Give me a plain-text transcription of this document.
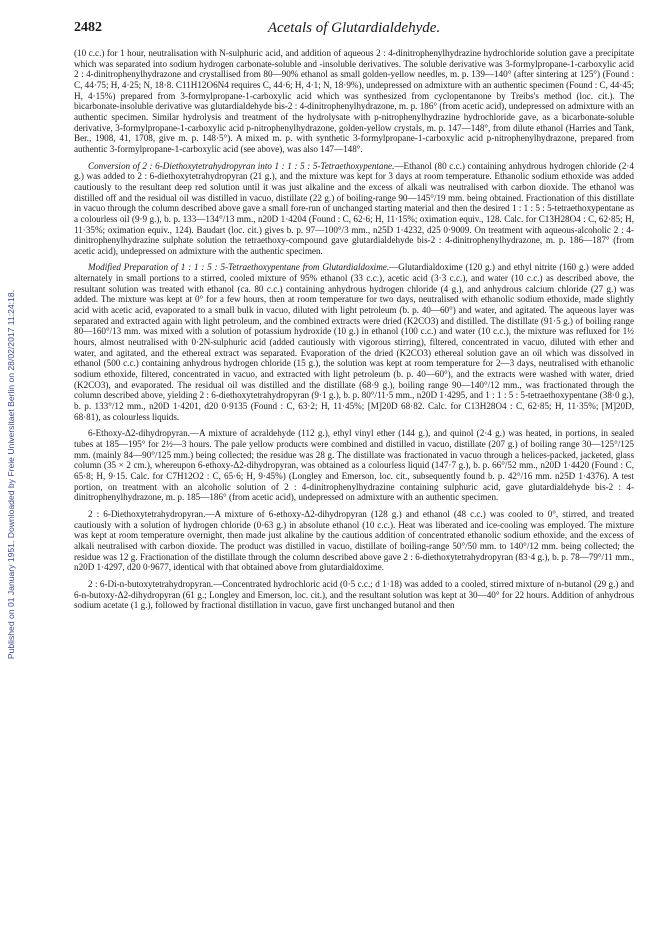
Published on 01 January 1951. Downloaded by Freie Universitaet Berlin on 28/02/2017 11:24:18.
2482	Acetals of Glutardialdehyde.

(10 c.c.) for 1 hour, neutralisation with N-sulphuric acid, and addition of aqueous 2 : 4-dinitrophenylhydrazine hydrochloride solution gave a precipitate which was separated into sodium hydrogen carbonate-soluble and -insoluble derivatives. The soluble derivative was 3-formylpropane-1-carboxylic acid 2 : 4-dinitrophenylhydrazone and crystallised from 80—90% ethanol as small golden-yellow needles, m. p. 139—140° (after sintering at 125°) (Found : C, 44·75; H, 4·25; N, 18·8. C11H12O6N4 requires C, 44·6; H, 4·1; N, 18·9%), undepressed on admixture with an authentic specimen (Found : C, 44·45; H, 4·15%) prepared from 3-formylpropane-1-carboxylic acid which was synthesized from cyclopentanone by Treibs's method (loc. cit.). The bicarbonate-insoluble derivative was glutardialdehyde bis-2 : 4-dinitrophenylhydrazone, m. p. 186° (from acetic acid), undepressed on admixture with an authentic specimen. Similar hydrolysis and treatment of the hydrolysate with p-nitrophenylhydrazine hydrochloride gave, as a bicarbonate-soluble derivative, 3-formylpropane-1-carboxylic acid p-nitrophenylhydrazone, golden-yellow crystals, m. p. 147—148°, from dilute ethanol (Harries and Tank, Ber., 1908, 41, 1708, give m. p. 148·5°). A mixed m. p. with synthetic 3-formylpropane-1-carboxylic acid p-nitrophenylhydrazone, prepared from authentic 3-formylpropane-1-carboxylic acid (see above), was also 147—148°.

Conversion of 2 : 6-Diethoxytetrahydropyran into 1 : 1 : 5 : 5-Tetraethoxypentane.—Ethanol (80 c.c.) containing anhydrous hydrogen chloride (2·4 g.) was added to 2 : 6-diethoxytetrahydropyran (21 g.), and the mixture was kept for 3 days at room temperature. Ethanolic sodium ethoxide was added cautiously to the resultant deep red solution until it was just alkaline and the excess of alkali was neutralised with carbon dioxide. The ethanol was distilled off and the residual oil was distilled in vacuo, distillate (22 g.) of boiling-range 90—145°/19 mm. being obtained. Fractionation of this distillate in vacuo through the column described above gave a small fore-run of unchanged starting material and then the desired 1 : 1 : 5 : 5-tetraethoxypentane as a colourless oil (9·9 g.), b. p. 133—134°/13 mm., n20D 1·4204 (Found : C, 62·6; H, 11·15%; oximation equiv., 128. Calc. for C13H28O4 : C, 62·85; H, 11·35%; oximation equiv., 124). Baudart (loc. cit.) gives b. p. 97—100°/3 mm., n25D 1·4232, d25 0·9009. On treatment with aqueous-alcoholic 2 : 4-dinitrophenylhydrazine sulphate solution the tetraethoxy-compound gave glutardialdehyde bis-2 : 4-dinitrophenylhydrazone, m. p. 186—187° (from acetic acid), undepressed on admixture with the authentic specimen.

Modified Preparation of 1 : 1 : 5 : 5-Tetraethoxypentane from Glutardialdoxime.—Glutardialdoxime (120 g.) and ethyl nitrite (160 g.) were added alternately in small portions to a stirred, cooled mixture of 95% ethanol (33 c.c.), acetic acid (3·3 c.c.), and water (10 c.c.) as described above, the resultant solution was treated with ethanol (ca. 80 c.c.) containing anhydrous hydrogen chloride (4 g.), and anhydrous calcium chloride (27 g.) was added. The mixture was kept at 0° for a few hours, then at room temperature for two days, neutralised with ethanolic sodium ethoxide, made slightly acid with acetic acid, evaporated to a small bulk in vacuo, diluted with light petroleum (b. p. 40—60°) and water, and agitated. The aqueous layer was separated and extracted again with light petroleum, and the combined extracts were dried (K2CO3) and distilled. The distillate (91·5 g.) of boiling range 80—160°/13 mm. was mixed with a solution of potassium hydroxide (10 g.) in ethanol (100 c.c.) and water (10 c.c.), the mixture was refluxed for 1½ hours, almost neutralised with 0·2N-sulphuric acid (added cautiously with vigorous stirring), filtered, concentrated in vacuo, diluted with ether and water, and agitated, and the ethereal extract was separated. Evaporation of the dried (K2CO3) ethereal solution gave an oil which was dissolved in ethanol (500 c.c.) containing anhydrous hydrogen chloride (15 g.), the solution was kept at room temperature for 2—3 days, neutralised with ethanolic sodium ethoxide, filtered, concentrated in vacuo, and extracted with light petroleum (b. p. 40—60°), and the extracts were washed with water, dried (K2CO3), and evaporated. The residual oil was distilled and the distillate (68·9 g.), boiling range 90—140°/12 mm., was fractionated through the column described above, yielding 2 : 6-diethoxytetrahydropyran (9·1 g.), b. p. 80°/11·5 mm., n20D 1·4295, and 1 : 1 : 5 : 5-tetraethoxypentane (38·0 g.), b. p. 133°/12 mm., n20D 1·4201, d20 0·9135 (Found : C, 63·2; H, 11·45%; [M]20D 68·82. Calc. for C13H28O4 : C, 62·85; H, 11·35%; [M]20D, 68·81), as colourless liquids.

6-Ethoxy-Δ2-dihydropyran.—A mixture of acraldehyde (112 g.), ethyl vinyl ether (144 g.), and quinol (2·4 g.) was heated, in portions, in sealed tubes at 185—195° for 2½—3 hours. The pale yellow products were combined and distilled in vacuo, distillate (207 g.) of boiling range 30—125°/125 mm. (mainly 84—90°/125 mm.) being collected; the residue was 28 g. The distillate was fractionated in vacuo through a helices-packed, jacketed, glass column (35 × 2 cm.), whereupon 6-ethoxy-Δ2-dihydropyran, was obtained as a colourless liquid (147·7 g.), b. p. 66°/52 mm., n20D 1·4420 (Found : C, 65·8; H, 9·15. Calc. for C7H12O2 : C, 65·6; H, 9·45%) (Longley and Emerson, loc. cit., subsequently found b. p. 42°/16 mm. n25D 1·4376). A test portion, on treatment with an alcoholic solution of 2 : 4-dinitrophenylhydrazine containing sulphuric acid, gave glutardialdehyde bis-2 : 4-dinitrophenylhydrazone, m. p. 185—186° (from acetic acid), undepressed on admixture with an authentic specimen.

2 : 6-Diethoxytetrahydropyran.—A mixture of 6-ethoxy-Δ2-dihydropyran (128 g.) and ethanol (48 c.c.) was cooled to 0°, stirred, and treated cautiously with a solution of hydrogen chloride (0·63 g.) in absolute ethanol (10 c.c.). Heat was liberated and ice-cooling was employed. The mixture was kept at room temperature overnight, then made just alkaline by the cautious addition of concentrated ethanolic sodium ethoxide, and the excess of alkali neutralised with carbon dioxide. The product was distilled in vacuo, distillate of boiling-range 50°/50 mm. to 140°/12 mm. being collected; the residue was 12 g. Fractionation of the distillate through the column described above gave 2 : 6-diethoxytetrahydropyran (83·4 g.), b. p. 78—79°/11 mm., n20D 1·4297, d20 0·9677, identical with that obtained above from glutardialdoxime.

2 : 6-Di-n-butoxytetrahydropyran.—Concentrated hydrochloric acid (0·5 c.c.; d 1·18) was added to a cooled, stirred mixture of n-butanol (29 g.) and 6-n-butoxy-Δ2-dihydropyran (61 g.; Longley and Emerson, loc. cit.), and the resultant solution was kept at 30—40° for 22 hours. Addition of anhydrous sodium acetate (1 g.), followed by fractional distillation in vacuo, gave first unchanged butanol and then
